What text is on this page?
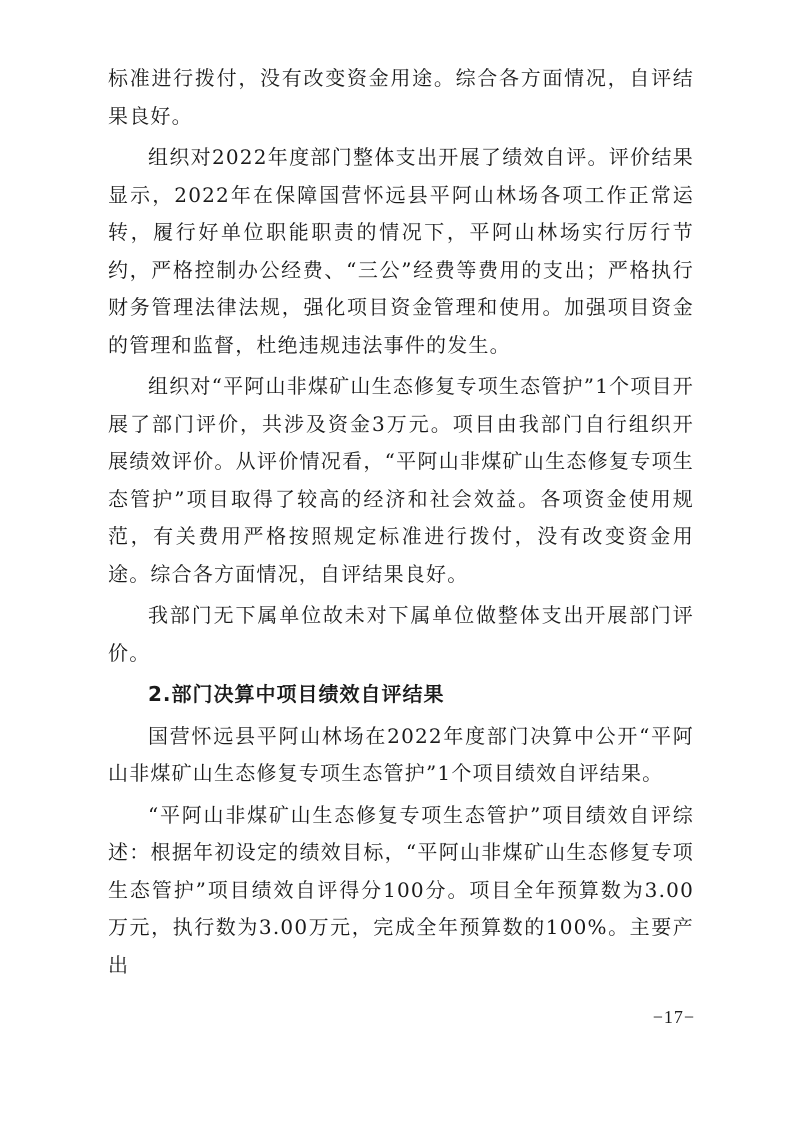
标准进行拨付，没有改变资金用途。综合各方面情况，自评结果良好。

组织对2022年度部门整体支出开展了绩效自评。评价结果显示，2022年在保障国营怀远县平阿山林场各项工作正常运转，履行好单位职能职责的情况下，平阿山林场实行厉行节约，严格控制办公经费、“三公”经费等费用的支出；严格执行财务管理法律法规，强化项目资金管理和使用。加强项目资金的管理和监督，杜绝违规违法事件的发生。

组织对“平阿山非煤矿山生态修复专项生态管护”1个项目开展了部门评价，共涉及资金3万元。项目由我部门自行组织开展绩效评价。从评价情况看，“平阿山非煤矿山生态修复专项生态管护”项目取得了较高的经济和社会效益。各项资金使用规范，有关费用严格按照规定标准进行拨付，没有改变资金用途。综合各方面情况，自评结果良好。

我部门无下属单位故未对下属单位做整体支出开展部门评价。

2.部门决算中项目绩效自评结果

国营怀远县平阿山林场在2022年度部门决算中公开“平阿山非煤矿山生态修复专项生态管护”1个项目绩效自评结果。

“平阿山非煤矿山生态修复专项生态管护”项目绩效自评综述：根据年初设定的绩效目标，“平阿山非煤矿山生态修复专项生态管护”项目绩效自评得分100分。项目全年预算数为3.00万元，执行数为3.00万元，完成全年预算数的100%。主要产出

−17−
